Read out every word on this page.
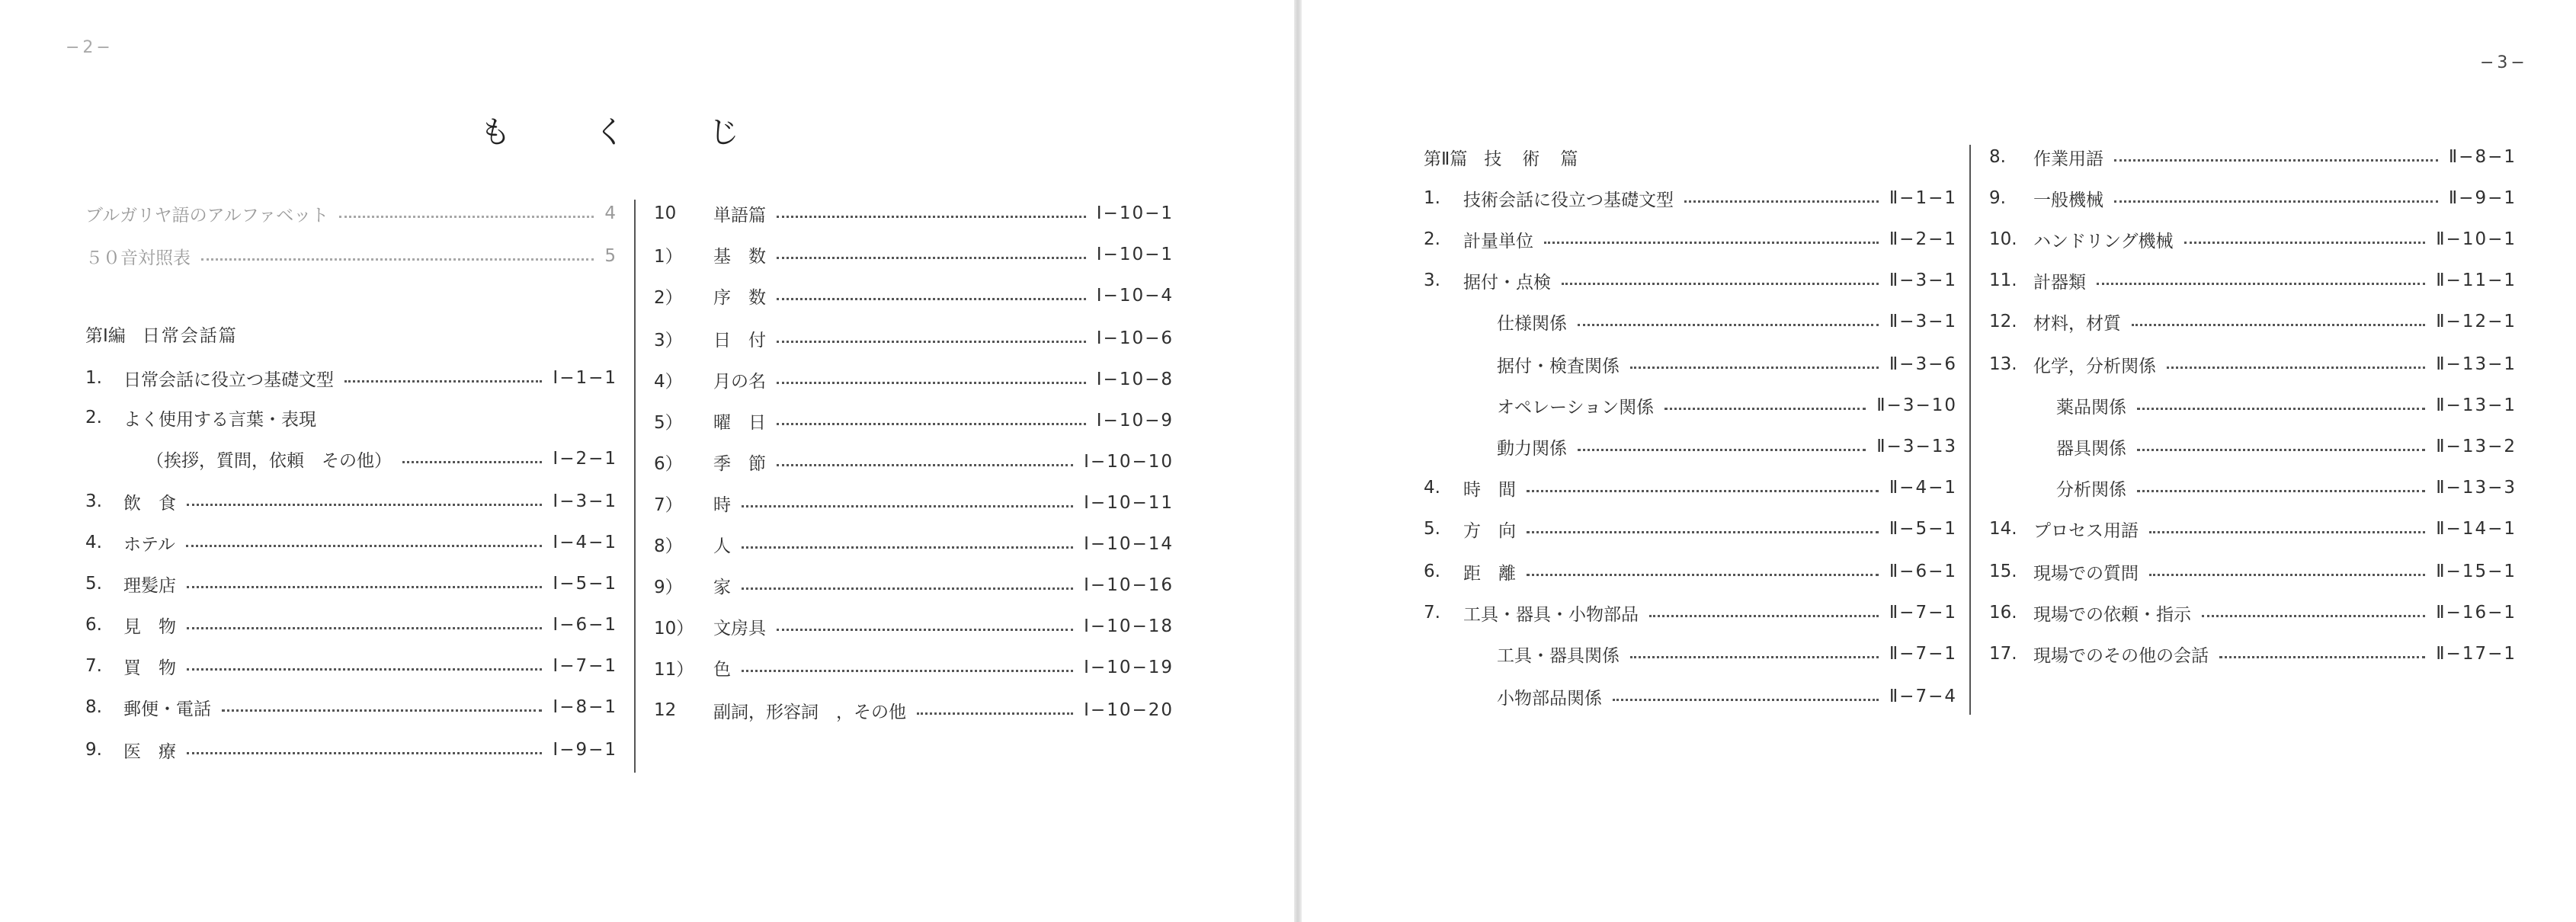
−2−
−3−
もくじ
ブルガリヤ語のアルファベット	4
５０音対照表	5
第Ⅰ編 日常会話篇
1.	日常会話に役立つ基礎文型	Ⅰ−1−1
2.	よく使用する言葉・表現
（挨拶，質問，依頼　その他）	Ⅰ−2−1
3.	飲　食	Ⅰ−3−1
4.	ホテル	Ⅰ−4−1
5.	理髪店	Ⅰ−5−1
6.	見　物	Ⅰ−6−1
7.	買　物	Ⅰ−7−1
8.	郵便・電話	Ⅰ−8−1
9.	医　療	Ⅰ−9−1
10	単語篇	Ⅰ−10−1
1）	基　数	Ⅰ−10−1
2）	序　数	Ⅰ−10−4
3）	日　付	Ⅰ−10−6
4）	月の名	Ⅰ−10−8
5）	曜　日	Ⅰ−10−9
6）	季　節	Ⅰ−10−10
7）	時	Ⅰ−10−11
8）	人	Ⅰ−10−14
9）	家	Ⅰ−10−16
10）	文房具	Ⅰ−10−18
11）	色	Ⅰ−10−19
12	副詞，形容詞　，その他	Ⅰ−10−20
第Ⅱ篇 技　術　篇
1.	技術会話に役立つ基礎文型	Ⅱ−1−1
2.	計量単位	Ⅱ−2−1
3.	据付・点検	Ⅱ−3−1
仕様関係	Ⅱ−3−1
据付・検査関係	Ⅱ−3−6
オペレーション関係	Ⅱ−3−10
動力関係	Ⅱ−3−13
4.	時　間	Ⅱ−4−1
5.	方　向	Ⅱ−5−1
6.	距　離	Ⅱ−6−1
7.	工具・器具・小物部品	Ⅱ−7−1
工具・器具関係	Ⅱ−7−1
小物部品関係	Ⅱ−7−4
8.	作業用語	Ⅱ−8−1
9.	一般機械	Ⅱ−9−1
10. ハンドリング機械	Ⅱ−10−1
11. 計器類	Ⅱ−11−1
12. 材料，材質	Ⅱ−12−1
13. 化学，分析関係	Ⅱ−13−1
薬品関係	Ⅱ−13−1
器具関係	Ⅱ−13−2
分析関係	Ⅱ−13−3
14. プロセス用語	Ⅱ−14−1
15. 現場での質問	Ⅱ−15−1
16. 現場での依頼・指示	Ⅱ−16−1
17. 現場でのその他の会話	Ⅱ−17−1
